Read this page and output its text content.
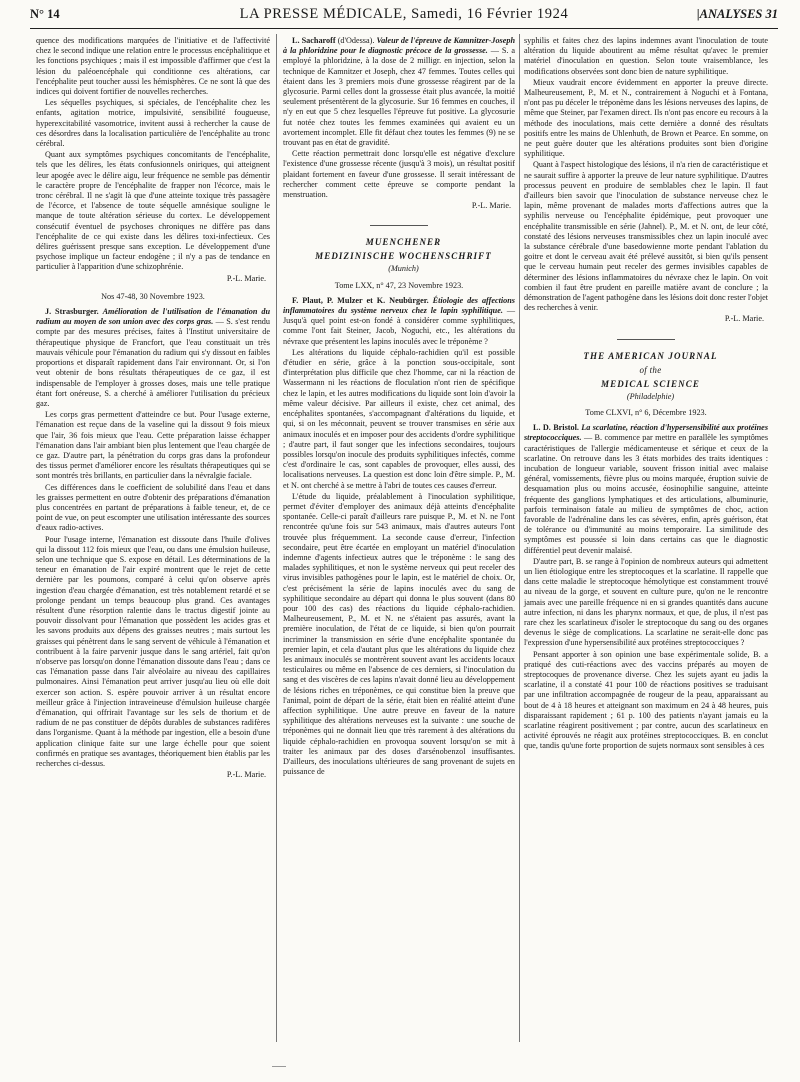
N° 14	LA PRESSE MÉDICALE, Samedi, 16 Février 1924	|ANALYSES 31

quence des modifications marquées de l'initiative et de l'affectivité chez le second indique une relation entre le processus encéphalitique et les fonctions psychiques ; mais il est impossible d'affirmer que c'est la lésion du paléoencéphale qui conditionne ces altérations, car l'encéphalite peut toucher aussi les hémisphères. Ce ne sont là que des indices qui doivent fortifier de nouvelles recherches.

Les séquelles psychiques, si spéciales, de l'encéphalite chez les enfants, agitation motrice, impulsivité, sensibilité fougueuse, hyperexcitabilité vasomotrice, invitent aussi à rechercher la cause de ces désordres dans la localisation particulière de l'encéphalite au tronc cérébral.

Quant aux symptômes psychiques concomitants de l'encéphalite, tels que les délires, les états confusionnels oniriques, qui atteignent leur apogée avec le délire aigu, leur fréquence ne semble pas démentir le caractère propre de l'encéphalite de frapper non l'écorce, mais le tronc cérébral. Il ne s'agit là que d'une atteinte toxique très passagère de l'écorce, et l'absence de toute séquelle amnésique souligne le manque de toute altération sérieuse du cortex. Le développement consécutif éventuel de psychoses chroniques ne diffère pas dans l'encéphalite de ce qui existe dans les délires toxi-infectieux. Ces délires guérissent presque sans exception. Le développement d'une psychose implique un facteur endogène ; il n'y a pas de tendance en particulier à l'apparition d'une schizophrénie.

P.-L. Marie.

Nos 47-48, 30 Novembre 1923.

J. Strasburger. Amélioration de l'utilisation de l'émanation du radium au moyen de son union avec des corps gras. — S. s'est rendu compte par des mesures précises, faites à l'Institut universitaire de thérapeutique physique de Francfort, que l'eau constituait un très mauvais véhicule pour l'émanation du radium qui s'y dissout en faibles proportions et disparaît rapidement dans l'air environnant. Or, si l'on veut obtenir de bons résultats thérapeutiques de ce gaz, il est indispensable de l'employer à grosses doses, mais une telle pratique étant fort onéreuse, S. a cherché à améliorer l'utilisation du précieux gaz.

Les corps gras permettent d'atteindre ce but. Pour l'usage externe, l'émanation est reçue dans de la vaseline qui la dissout 9 fois mieux que l'air, 36 fois mieux que l'eau. Cette préparation laisse échapper l'émanation dans l'air ambiant bien plus lentement que l'eau chargée de ce gaz. D'autre part, la pénétration du corps gras dans la profondeur des tissus permet d'améliorer encore les résultats thérapeutiques qui se sont montrés très brillants, en particulier dans la névralgie faciale.

Ces différences dans le coefficient de solubilité dans l'eau et dans les graisses permettent en outre d'obtenir des préparations d'émanation plus concentrées en partant de préparations à faible teneur, et, de ce point de vue, on peut escompter une utilisation intéressante des sources d'eaux radio-actives.

Pour l'usage interne, l'émanation est dissoute dans l'huile d'olives qui la dissout 112 fois mieux que l'eau, ou dans une émulsion huileuse, selon une technique que S. expose en détail. Les déterminations de la teneur en émanation de l'air expiré montrent que le rejet de cette dernière par les poumons, comparé à celui qu'on observe après ingestion d'eau chargée d'émanation, est très notablement retardé et se prolonge pendant un temps beaucoup plus grand. Ces avantages résultent d'une résorption ralentie dans le tractus digestif jointe au pouvoir dissolvant pour l'émanation que possèdent les acides gras et les savons produits aux dépens des graisses neutres ; mais surtout les graisses qui pénètrent dans le sang servent de véhicule à l'émanation et contribuent à la faire parvenir jusque dans le sang artériel, fait qu'on n'observe pas lorsqu'on donne l'émanation dissoute dans l'eau ; dans ce cas l'émanation passe dans l'air alvéolaire au niveau des capillaires pulmonaires. Ainsi l'émanation peut arriver jusqu'au lieu où elle doit exercer son action. S. espère pouvoir arriver à un résultat encore meilleur grâce à l'injection intraveineuse d'émulsion huileuse chargée d'émanation, qui offrirait l'avantage sur les sels de thorium et de radium de ne pas constituer de dépôts durables de substances radifères dans l'organisme. Quant à la méthode par ingestion, elle a besoin d'une application clinique faite sur une large échelle pour que soient confirmés en pratique ses avantages, théoriquement bien établis par les recherches ci-dessus.

P.-L. Marie.

L. Sacharoff (d'Odessa). Valeur de l'épreuve de Kamnitzer-Joseph à la phloridzine pour le diagnostic précoce de la grossesse. — S. a employé la phloridzine, à la dose de 2 milligr. en injection, selon la technique de Kamnitzer et Joseph, chez 47 femmes. Toutes celles qui étaient dans les 3 premiers mois d'une grossesse réagirent par de la glycosurie. Parmi celles dont la grossesse était plus avancée, la moitié seulement présentèrent de la glycosurie. Sur 16 femmes en couches, il n'y en eut que 5 chez lesquelles l'épreuve fut positive. La glycosurie fut notée chez toutes les femmes examinées qui avaient eu un avortement incomplet. Elle fit défaut chez toutes les femmes (9) ne se trouvant pas en état de gravidité.

Cette réaction permettrait donc lorsqu'elle est négative d'exclure l'existence d'une grossesse récente (jusqu'à 3 mois), un résultat positif plaidant fortement en faveur d'une grossesse. Il serait intéressant de rechercher comment cette épreuve se comporte pendant la menstruation.

P.-L. Marie.

MUENCHENER

MEDIZINISCHE WOCHENSCHRIFT

(Munich)

Tome LXX, n° 47, 23 Novembre 1923.

F. Plaut, P. Mulzer et K. Neubürger. Étiologie des affections inflammatoires du système nerveux chez le lapin syphilitique. — Jusqu'à quel point est-on fondé à considérer comme syphilitiques, comme l'ont fait Steiner, Jacob, Noguchi, etc., les altérations du névraxe que présentent les lapins inoculés avec le tréponème ?

Les altérations du liquide céphalo-rachidien qu'il est possible d'étudier en série, grâce à la ponction sous-occipitale, sont d'interprétation plus difficile que chez l'homme, car ni la réaction de Wassermann ni les réactions de floculation n'ont rien de spécifique chez le lapin, et les autres modifications du liquide sont loin d'avoir la même valeur décisive. Par ailleurs il existe, chez cet animal, des encéphalites spontanées, s'accompagnant d'altérations du liquide, et qui, si on les méconnait, peuvent se trouver transmises en série aux animaux inoculés et en imposer pour des accidents d'ordre syphilitique ; d'autre part, il faut songer que les infections secondaires, toujours possibles lorsqu'on inocule des produits syphilitiques infectés, comme c'est d'ordinaire le cas, sont capables de provoquer, elles aussi, des localisations nerveuses. La question est donc loin d'être simple. P., M. et N. ont cherché à se mettre à l'abri de toutes ces causes d'erreur.

L'étude du liquide, préalablement à l'inoculation syphilitique, permet d'éviter d'employer des animaux déjà atteints d'encéphalite spontanée. Celle-ci paraît d'ailleurs rare puisque P., M. et N. ne l'ont rencontrée qu'une fois sur 543 animaux, mais d'autres auteurs l'ont trouvée plus fréquemment. La seconde cause d'erreur, l'infection secondaire, peut être écartée en employant un matériel d'inoculation indemne d'agents infectieux autres que le tréponème : le sang des malades syphilitiques, et non le système nerveux qui peut receler des virus invisibles pathogènes pour le lapin, est le matériel de choix. Or, c'est précisément la série de lapins inoculés avec du sang de syphilitique secondaire au départ qui donna le plus souvent (dans 80 pour 100 des cas) des réactions du liquide céphalo-rachidien. Malheureusement, P., M. et N. ne s'étaient pas assurés, avant la première inoculation, de l'état de ce liquide, si bien qu'on pourrait incriminer la transmission en série d'une encéphalite spontanée du premier lapin, et cela d'autant plus que les altérations du liquide chez les animaux inoculés se montrèrent souvent avant les accidents locaux testiculaires ou même en l'absence de ces derniers, si l'inoculation du sang et des viscères de ces lapins n'avait donné lieu au développement de lésions riches en tréponèmes, ce qui constitue bien la preuve que l'animal, point de départ de la série, était bien en réalité atteint d'une affection syphilitique. Une autre preuve en faveur de la nature syphilitique des altérations nerveuses est la suivante : une souche de tréponèmes qui ne donnait lieu que très rarement à des altérations du liquide céphalo-rachidien en provoqua souvent lorsqu'on se mit à traiter les animaux par des doses d'arsénobenzol insuffisantes. D'ailleurs, des inoculations ultérieures de sang provenant de sujets en puissance de

syphilis et faites chez des lapins indemnes avant l'inoculation de toute altération du liquide aboutirent au même résultat qu'avec le premier matériel d'inoculation en question. Selon toute vraisemblance, les modifications observées sont donc bien de nature syphilitique.

Mieux vaudrait encore évidemment en apporter la preuve directe. Malheureusement, P., M. et N., contrairement à Noguchi et à Fontana, n'ont pas pu déceler le tréponème dans les lésions nerveuses des lapins, de même que Steiner, par l'examen direct. Ils n'ont pas encore eu recours à la méthode des inoculations, mais cette dernière a donné des résultats positifs entre les mains de Uhlenhuth, de Brown et Pearce. En somme, on ne peut guère douter que les altérations produites sont bien d'origine syphilitique.

Quant à l'aspect histologique des lésions, il n'a rien de caractéristique et ne saurait suffire à apporter la preuve de leur nature syphilitique. D'autres processus peuvent en produire de semblables chez le lapin. Il faut d'ailleurs bien savoir que l'inoculation de substance nerveuse chez le lapin, même provenant de malades morts d'affections autres que la syphilis nerveuse ou l'encéphalite épidémique, peut provoquer une encéphalite transmissible en série (Jahnel). P., M. et N. ont, de leur côté, constaté des lésions nerveuses transmissibles chez un lapin inoculé avec la substance cérébrale d'une basedowienne morte pendant l'ablation du goitre et dont le cerveau avait été prélevé aussitôt, si bien qu'ils pensent que le cerveau humain peut receler des germes invisibles capables de déterminer des lésions inflammatoires du névraxe chez le lapin. On voit combien il faut être prudent en pareille matière avant de conclure ; la démonstration de l'agent pathogène dans les lésions doit donc rester l'objet des recherches à venir.

P.-L. Marie.

THE AMERICAN JOURNAL

of the

MEDICAL SCIENCE

(Philadelphie)

Tome CLXVI, n° 6, Décembre 1923.

L. D. Bristol. La scarlatine, réaction d'hypersensibilité aux protéines streptococciques. — B. commence par mettre en parallèle les symptômes caractéristiques de l'allergie médicamenteuse et sérique et ceux de la scarlatine. On retrouve dans les 3 états morbides des traits identiques : incubation de longueur variable, souvent frisson initial avec malaise général, vomissements, fièvre plus ou moins marquée, éruption suivie de desquamation plus ou moins accusée, éosinophilie sanguine, atteinte fréquente des ganglions lymphatiques et des articulations, albuminurie, parfois terminaison fatale au milieu de symptômes de choc, action favorable de l'adrénaline dans les cas sévères, enfin, après guérison, état de tolérance ou d'immunité au moins temporaire. La similitude des symptômes est poussée si loin dans certains cas que le diagnostic différentiel peut devenir malaisé.

D'autre part, B. se range à l'opinion de nombreux auteurs qui admettent un lien étiologique entre les streptocoques et la scarlatine. Il rappelle que dans cette maladie le streptocoque hémolytique est constamment trouvé au niveau de la gorge, et souvent en culture pure, qu'on ne le rencontre jamais avec une pareille fréquence ni en si grandes quantités dans aucune autre infection, ni dans les pharynx normaux, et que, de plus, il n'est pas rare chez les scarlatineux d'isoler le streptocoque du sang ou des organes devenus le siège de complications. La scarlatine ne serait-elle donc pas l'expression d'une hypersensibilité aux protéines streptococciques ?

Pensant apporter à son opinion une base expérimentale solide, B. a pratiqué des cuti-réactions avec des vaccins préparés au moyen de streptocoques de provenance diverse. Chez les sujets ayant eu jadis la scarlatine, il a constaté 41 pour 100 de réactions positives se traduisant par une infiltration accompagnée de rougeur de la peau, apparaissant au bout de 4 à 18 heures et atteignant son maximum en 24 à 48 heures, puis disparaissant rapidement ; 61 p. 100 des patients n'ayant jamais eu la scarlatine réagirent positivement ; par contre, aucun des scarlatineux en activité éprouvés ne réagit aux protéines streptococciques. B. en conclut que, tandis qu'une forte proportion de sujets normaux sont sensibles à ces
